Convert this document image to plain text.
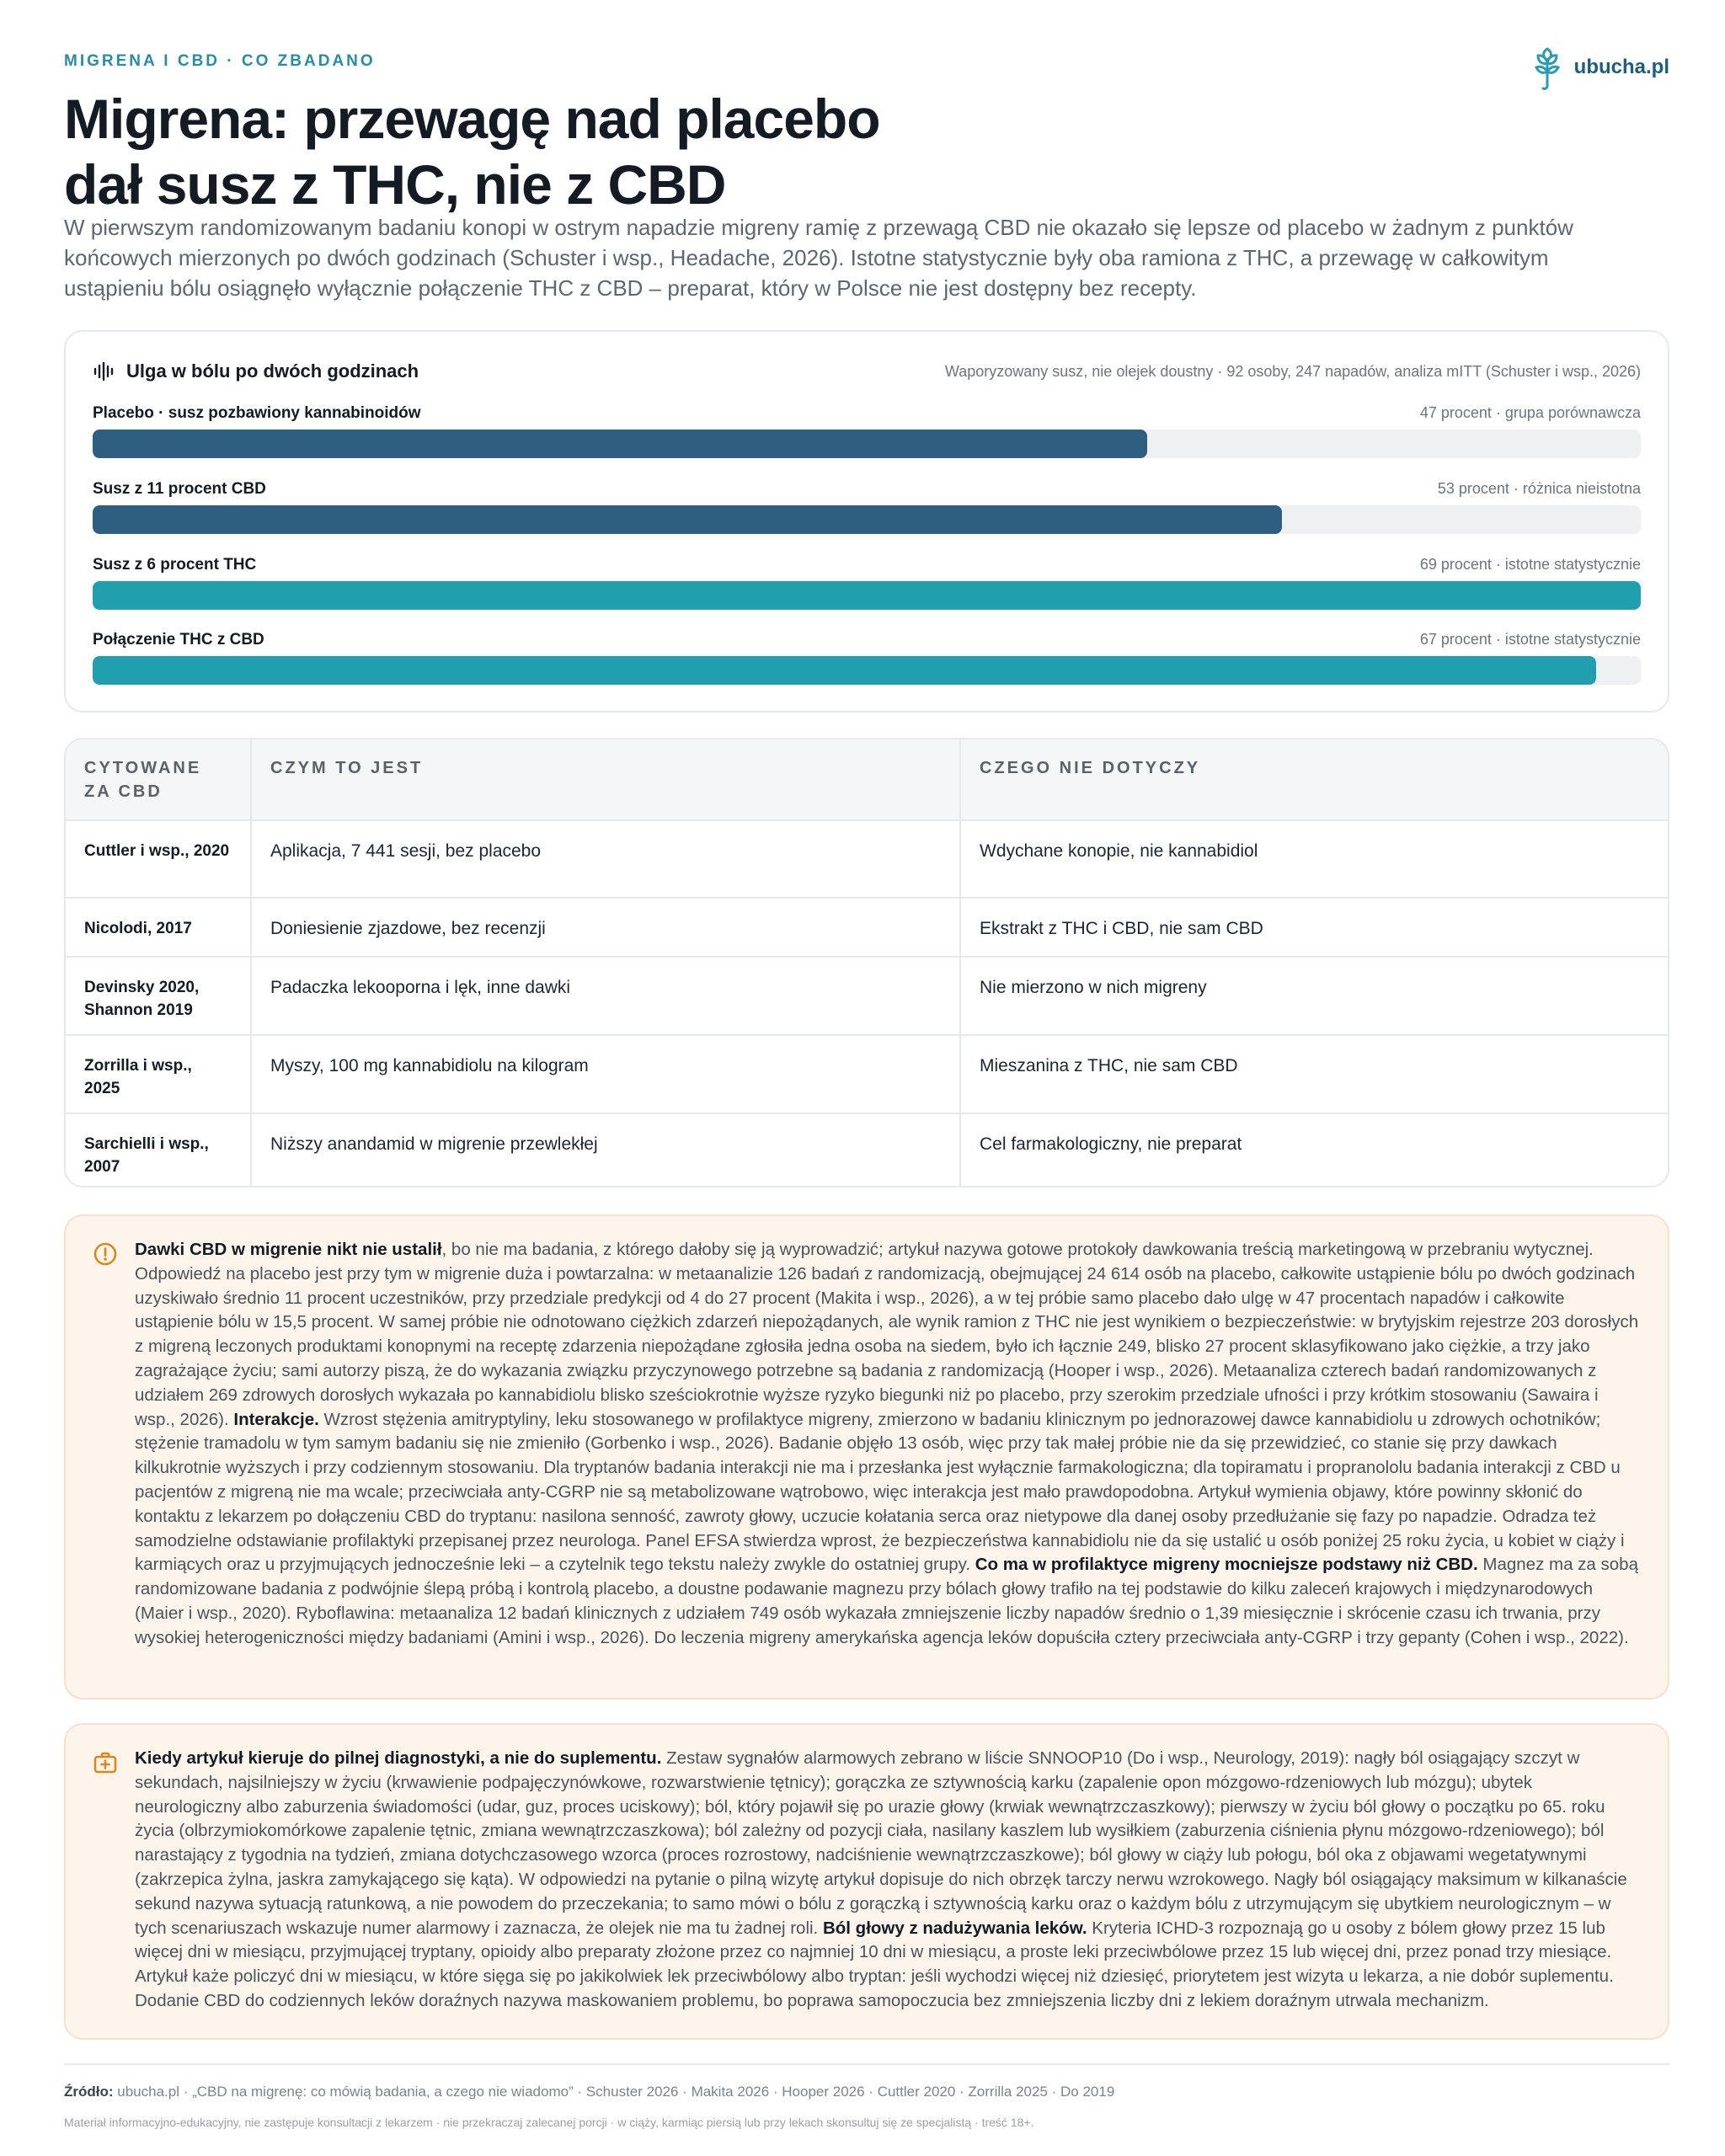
MIGRENA I CBD · CO ZBADANO	ubucha.pl
Migrena: przewagę nad placebo
dał susz z THC, nie z CBD

W pierwszym randomizowanym badaniu konopi w ostrym napadzie migreny ramię z przewagą CBD nie okazało się lepsze od placebo w żadnym z punktów końcowych mierzonych po dwóch godzinach (Schuster i wsp., Headache, 2026). Istotne statystycznie były oba ramiona z THC, a przewagę w całkowitym ustąpieniu bólu osiągnęło wyłącznie połączenie THC z CBD – preparat, który w Polsce nie jest dostępny bez recepty.

Ulga w bólu po dwóch godzinach	Waporyzowany susz, nie olejek doustny · 92 osoby, 247 napadów, analiza mITT (Schuster i wsp., 2026)
Placebo · susz pozbawiony kannabinoidów	47 procent · grupa porównawcza
Susz z 11 procent CBD	53 procent · różnica nieistotna
Susz z 6 procent THC	69 procent · istotne statystycznie
Połączenie THC z CBD	67 procent · istotne statystycznie
CYTOWANE ZA CBD	CZYM TO JEST	CZEGO NIE DOTYCZY
Cuttler i wsp., 2020	Aplikacja, 7 441 sesji, bez placebo	Wdychane konopie, nie kannabidiol
Nicolodi, 2017	Doniesienie zjazdowe, bez recenzji	Ekstrakt z THC i CBD, nie sam CBD
Devinsky 2020, Shannon 2019	Padaczka lekooporna i lęk, inne dawki	Nie mierzono w nich migreny
Zorrilla i wsp., 2025	Myszy, 100 mg kannabidiolu na kilogram	Mieszanina z THC, nie sam CBD
Sarchielli i wsp., 2007	Niższy anandamid w migrenie przewlekłej	Cel farmakologiczny, nie preparat
Dawki CBD w migrenie nikt nie ustalił, bo nie ma badania, z którego dałoby się ją wyprowadzić; artykuł nazywa gotowe protokoły dawkowania treścią marketingową w przebraniu wytycznej. Odpowiedź na placebo jest przy tym w migrenie duża i powtarzalna: w metaanalizie 126 badań z randomizacją, obejmującej 24 614 osób na placebo, całkowite ustąpienie bólu po dwóch godzinach uzyskiwało średnio 11 procent uczestników, przy przedziale predykcji od 4 do 27 procent (Makita i wsp., 2026), a w tej próbie samo placebo dało ulgę w 47 procentach napadów i całkowite ustąpienie bólu w 15,5 procent. W samej próbie nie odnotowano ciężkich zdarzeń niepożądanych, ale wynik ramion z THC nie jest wynikiem o bezpieczeństwie: w brytyjskim rejestrze 203 dorosłych z migreną leczonych produktami konopnymi na receptę zdarzenia niepożądane zgłosiła jedna osoba na siedem, było ich łącznie 249, blisko 27 procent sklasyfikowano jako ciężkie, a trzy jako zagrażające życiu; sami autorzy piszą, że do wykazania związku przyczynowego potrzebne są badania z randomizacją (Hooper i wsp., 2026). Metaanaliza czterech badań randomizowanych z udziałem 269 zdrowych dorosłych wykazała po kannabidiolu blisko sześciokrotnie wyższe ryzyko biegunki niż po placebo, przy szerokim przedziale ufności i przy krótkim stosowaniu (Sawaira i wsp., 2026). Interakcje. Wzrost stężenia amitryptyliny, leku stosowanego w profilaktyce migreny, zmierzono w badaniu klinicznym po jednorazowej dawce kannabidiolu u zdrowych ochotników; stężenie tramadolu w tym samym badaniu się nie zmieniło (Gorbenko i wsp., 2026). Badanie objęło 13 osób, więc przy tak małej próbie nie da się przewidzieć, co stanie się przy dawkach kilkukrotnie wyższych i przy codziennym stosowaniu. Dla tryptanów badania interakcji nie ma i przesłanka jest wyłącznie farmakologiczna; dla topiramatu i propranololu badania interakcji z CBD u pacjentów z migreną nie ma wcale; przeciwciała anty-CGRP nie są metabolizowane wątrobowo, więc interakcja jest mało prawdopodobna. Artykuł wymienia objawy, które powinny skłonić do kontaktu z lekarzem po dołączeniu CBD do tryptanu: nasilona senność, zawroty głowy, uczucie kołatania serca oraz nietypowe dla danej osoby przedłużanie się fazy po napadzie. Odradza też samodzielne odstawianie profilaktyki przepisanej przez neurologa. Panel EFSA stwierdza wprost, że bezpieczeństwa kannabidiolu nie da się ustalić u osób poniżej 25 roku życia, u kobiet w ciąży i karmiących oraz u przyjmujących jednocześnie leki – a czytelnik tego tekstu należy zwykle do ostatniej grupy. Co ma w profilaktyce migreny mocniejsze podstawy niż CBD. Magnez ma za sobą randomizowane badania z podwójnie ślepą próbą i kontrolą placebo, a doustne podawanie magnezu przy bólach głowy trafiło na tej podstawie do kilku zaleceń krajowych i międzynarodowych (Maier i wsp., 2020). Ryboflawina: metaanaliza 12 badań klinicznych z udziałem 749 osób wykazała zmniejszenie liczby napadów średnio o 1,39 miesięcznie i skrócenie czasu ich trwania, przy wysokiej heterogeniczności między badaniami (Amini i wsp., 2026). Do leczenia migreny amerykańska agencja leków dopuściła cztery przeciwciała anty-CGRP i trzy gepanty (Cohen i wsp., 2022).
Kiedy artykuł kieruje do pilnej diagnostyki, a nie do suplementu. Zestaw sygnałów alarmowych zebrano w liście SNNOOP10 (Do i wsp., Neurology, 2019): nagły ból osiągający szczyt w sekundach, najsilniejszy w życiu (krwawienie podpajęczynówkowe, rozwarstwienie tętnicy); gorączka ze sztywnością karku (zapalenie opon mózgowo-rdzeniowych lub mózgu); ubytek neurologiczny albo zaburzenia świadomości (udar, guz, proces uciskowy); ból, który pojawił się po urazie głowy (krwiak wewnątrzczaszkowy); pierwszy w życiu ból głowy o początku po 65. roku życia (olbrzymiokomórkowe zapalenie tętnic, zmiana wewnątrzczaszkowa); ból zależny od pozycji ciała, nasilany kaszlem lub wysiłkiem (zaburzenia ciśnienia płynu mózgowo-rdzeniowego); ból narastający z tygodnia na tydzień, zmiana dotychczasowego wzorca (proces rozrostowy, nadciśnienie wewnątrzczaszkowe); ból głowy w ciąży lub połogu, ból oka z objawami wegetatywnymi (zakrzepica żylna, jaskra zamykającego się kąta). W odpowiedzi na pytanie o pilną wizytę artykuł dopisuje do nich obrzęk tarczy nerwu wzrokowego. Nagły ból osiągający maksimum w kilkanaście sekund nazywa sytuacją ratunkową, a nie powodem do przeczekania; to samo mówi o bólu z gorączką i sztywnością karku oraz o każdym bólu z utrzymującym się ubytkiem neurologicznym – w tych scenariuszach wskazuje numer alarmowy i zaznacza, że olejek nie ma tu żadnej roli. Ból głowy z nadużywania leków. Kryteria ICHD-3 rozpoznają go u osoby z bólem głowy przez 15 lub więcej dni w miesiącu, przyjmującej tryptany, opioidy albo preparaty złożone przez co najmniej 10 dni w miesiącu, a proste leki przeciwbólowe przez 15 lub więcej dni, przez ponad trzy miesiące. Artykuł każe policzyć dni w miesiącu, w które sięga się po jakikolwiek lek przeciwbólowy albo tryptan: jeśli wychodzi więcej niż dziesięć, priorytetem jest wizyta u lekarza, a nie dobór suplementu. Dodanie CBD do codziennych leków doraźnych nazywa maskowaniem problemu, bo poprawa samopoczucia bez zmniejszenia liczby dni z lekiem doraźnym utrwala mechanizm.
Źródło: ubucha.pl · „CBD na migrenę: co mówią badania, a czego nie wiadomo” · Schuster 2026 · Makita 2026 · Hooper 2026 · Cuttler 2020 · Zorrilla 2025 · Do 2019
Materiał informacyjno-edukacyjny, nie zastępuje konsultacji z lekarzem · nie przekraczaj zalecanej porcji · w ciąży, karmiąc piersią lub przy lekach skonsultuj się ze specjalistą · treść 18+.
